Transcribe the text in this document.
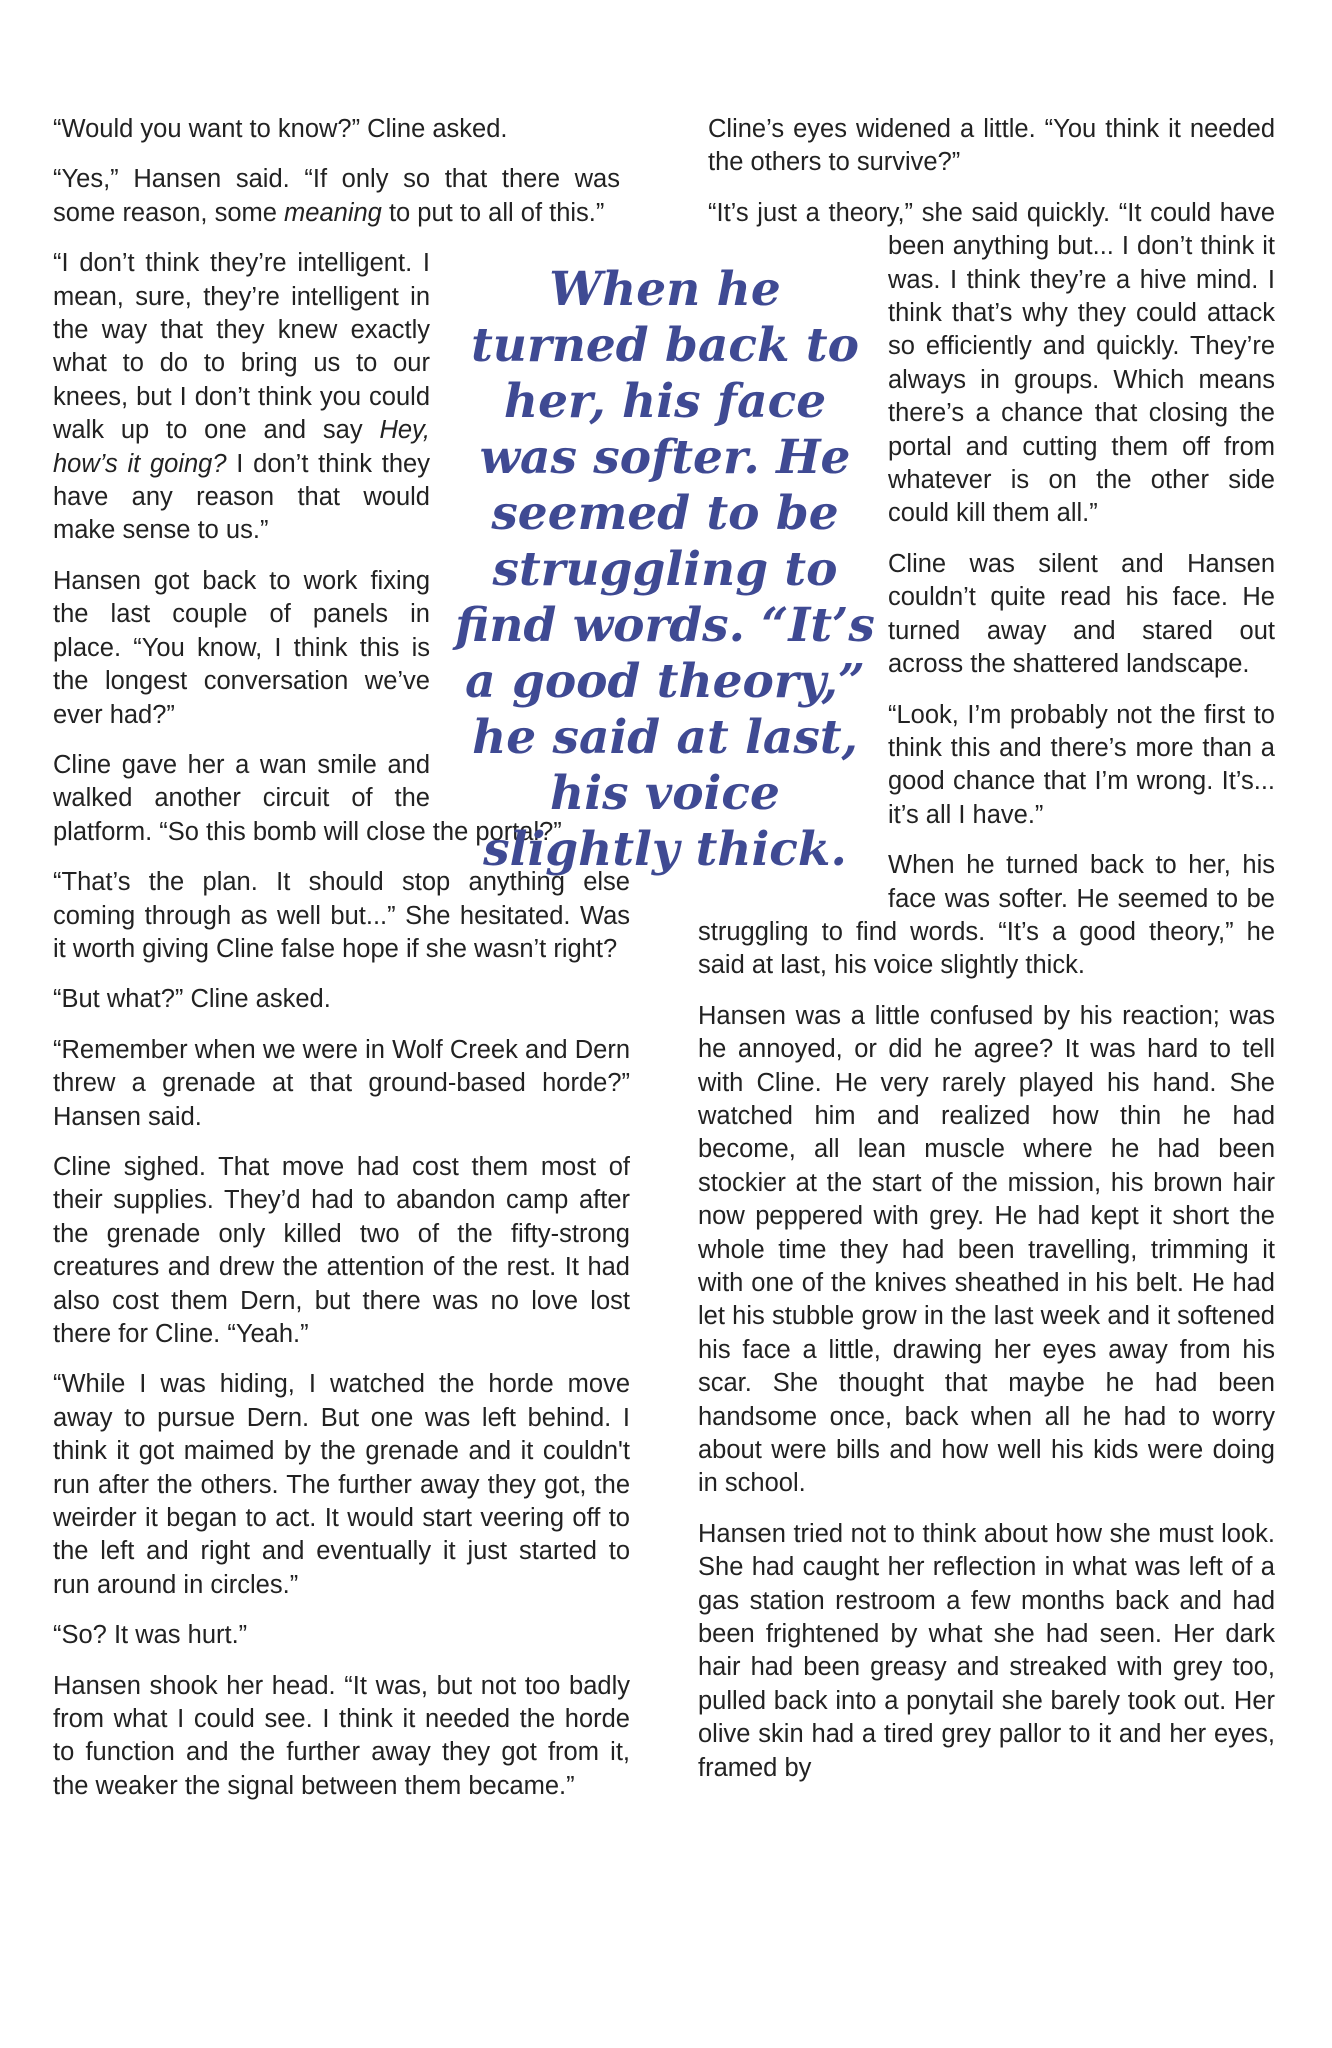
“Would you want to know?” Cline asked.

“Yes,” Hansen said. “If only so that there was some reason, some meaning to put to all of this.”

“I don’t think they’re intelligent. I mean, sure, they’re intelligent in the way that they knew exactly what to do to bring us to our knees, but I don’t think you could walk up to one and say Hey, how’s it going? I don’t think they have any reason that would make sense to us.”

Hansen got back to work fixing the last couple of panels in place. “You know, I think this is the longest conversation we’ve ever had?”

Cline gave her a wan smile and walked another circuit of the platform. “So this bomb will close the portal?”

“That’s the plan. It should stop anything else coming through as well but...” She hesitated. Was it worth giving Cline false hope if she wasn’t right?

“But what?” Cline asked.

“Remember when we were in Wolf Creek and Dern threw a grenade at that ground-based horde?” Hansen said.

Cline sighed. That move had cost them most of their supplies. They’d had to abandon camp after the grenade only killed two of the fifty-strong creatures and drew the attention of the rest. It had also cost them Dern, but there was no love lost there for Cline. “Yeah.”

“While I was hiding, I watched the horde move away to pursue Dern. But one was left behind. I think it got maimed by the grenade and it couldn't run after the others. The further away they got, the weirder it began to act. It would start veering off to the left and right and eventually it just started to run around in circles.”

“So? It was hurt.”

Hansen shook her head. “It was, but not too badly from what I could see. I think it needed the horde to function and the further away they got from it, the weaker the signal between them became.”

Cline’s eyes widened a little. “You think it needed the others to survive?”

“It’s just a theory,” she said quickly. “It could have been anything but... I don’t think it was. I think they’re a hive mind. I think that’s why they could attack so efficiently and quickly. They’re always in groups. Which means there’s a chance that closing the portal and cutting them off from whatever is on the other side could kill them all.”

Cline was silent and Hansen couldn’t quite read his face. He turned away and stared out across the shattered landscape.

“Look, I’m probably not the first to think this and there’s more than a good chance that I’m wrong. It’s... it’s all I have.”

When he turned back to her, his face was softer. He seemed to be struggling to find words. “It’s a good theory,” he said at last, his voice slightly thick.

Hansen was a little confused by his reaction; was he annoyed, or did he agree? It was hard to tell with Cline. He very rarely played his hand. She watched him and realized how thin he had become, all lean muscle where he had been stockier at the start of the mission, his brown hair now peppered with grey. He had kept it short the whole time they had been travelling, trimming it with one of the knives sheathed in his belt. He had let his stubble grow in the last week and it softened his face a little, drawing her eyes away from his scar. She thought that maybe he had been handsome once, back when all he had to worry about were bills and how well his kids were doing in school.

Hansen tried not to think about how she must look. She had caught her reflection in what was left of a gas station restroom a few months back and had been frightened by what she had seen. Her dark hair had been greasy and streaked with grey too, pulled back into a ponytail she barely took out. Her olive skin had a tired grey pallor to it and her eyes, framed by

When he turned back to her, his face was softer. He seemed to be struggling to find words. “It’s a good theory,” he said at last, his voice slightly thick.
